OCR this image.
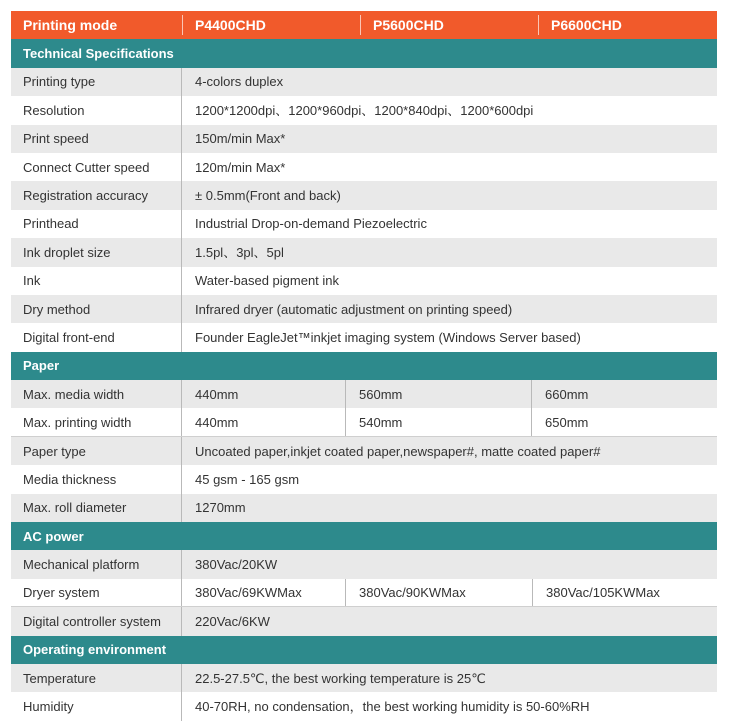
Printing mode	P4400CHD	P5600CHD	P6600CHD
Technical Specifications
Printing type	4-colors duplex
Resolution	1200*1200dpi、1200*960dpi、1200*840dpi、1200*600dpi
Print speed	150m/min Max*
Connect Cutter speed	120m/min Max*
Registration accuracy	± 0.5mm(Front and back)
Printhead	Industrial Drop-on-demand Piezoelectric
Ink droplet size	1.5pl、3pl、5pl
Ink	Water-based pigment ink
Dry method	Infrared dryer (automatic adjustment on printing speed)
Digital front-end	Founder EagleJet™inkjet imaging system (Windows Server based)
Paper
Max. media width	440mm	560mm	660mm
Max. printing width	440mm	540mm	650mm
Paper type	Uncoated paper,inkjet coated paper,newspaper#, matte coated paper#
Media thickness	45 gsm - 165 gsm
Max. roll diameter	1270mm
AC power
Mechanical platform	380Vac/20KW
Dryer system	380Vac/69KWMax	380Vac/90KWMax	380Vac/105KWMax
Digital controller system	220Vac/6KW
Operating environment
Temperature	22.5-27.5℃, the best working temperature is 25℃
Humidity	40-70RH, no condensation，the best working humidity is 50-60%RH
